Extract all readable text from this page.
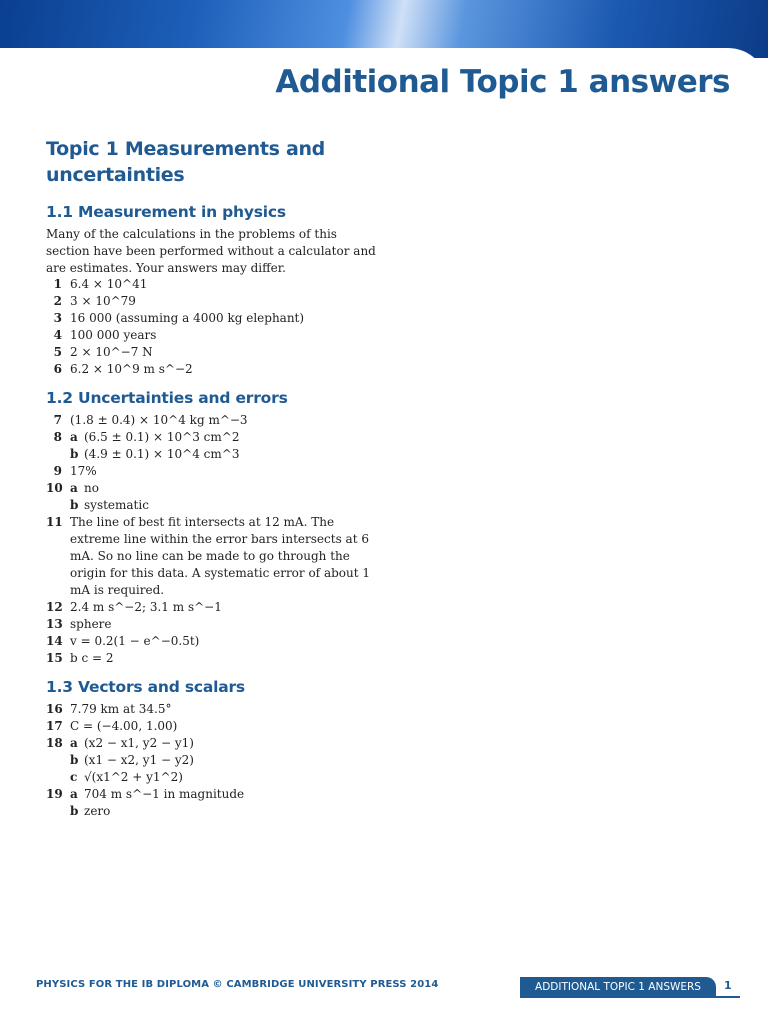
Additional Topic 1 answers
Topic 1 Measurements and uncertainties
1.1 Measurement in physics

Many of the calculations in the problems of this section have been performed without a calculator and are estimates. Your answers may differ.

1 6.4 × 10^41
2 3 × 10^79
3 16 000 (assuming a 4000 kg elephant)
4 100 000 years
5 2 × 10^−7 N
6 6.2 × 10^9 m s^−2
1.2 Uncertainties and errors
7 (1.8 ± 0.4) × 10^4 kg m^−3
8 a (6.5 ± 0.1) × 10^3 cm^2
b (4.9 ± 0.1) × 10^4 cm^3
9 17%
10 a no
b systematic
11 The line of best fit intersects at 12 mA. The extreme line within the error bars intersects at 6 mA. So no line can be made to go through the origin for this data. A systematic error of about 1 mA is required.
12 2.4 m s^−2; 3.1 m s^−1
13 sphere
14 v = 0.2(1 − e^−0.5t)
15 b c = 2
1.3 Vectors and scalars
16 7.79 km at 34.5°
17 C = (−4.00, 1.00)
18 a (x2 − x1, y2 − y1)
b (x1 − x2, y1 − y2)
c √(x1^2 + y1^2)
19 a 704 m s^−1 in magnitude
b zero
PHYSICS FOR THE IB DIPLOMA © CAMBRIDGE UNIVERSITY PRESS 2014	ADDITIONAL TOPIC 1 ANSWERS	1
